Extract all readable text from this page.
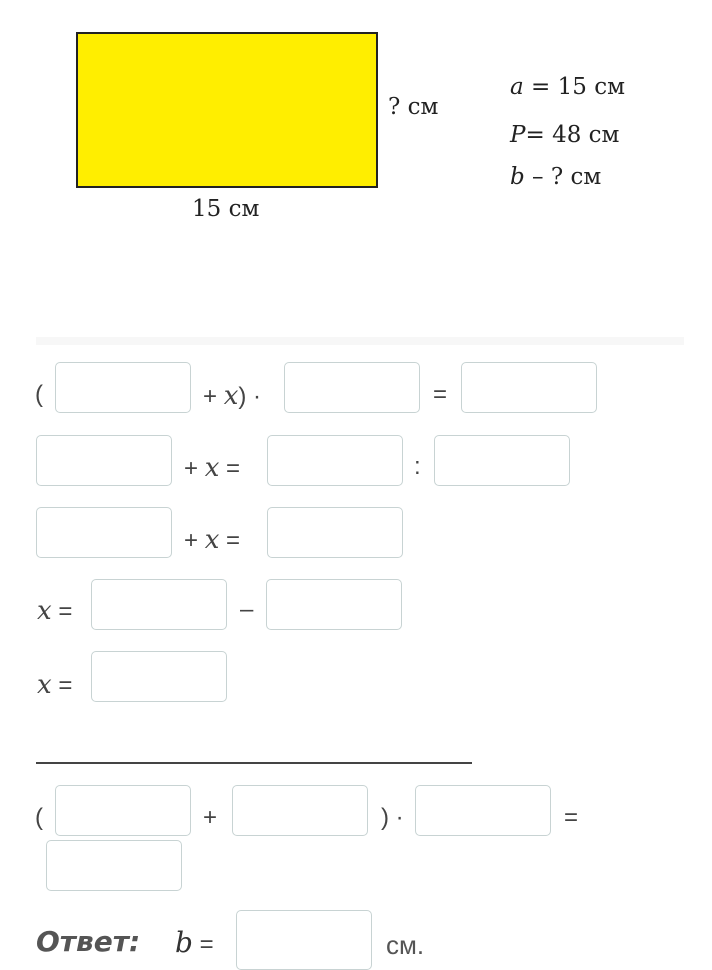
? см
15 см
a = 15 см
P= 48 см
b – ? см
(	+ x) ·	=
+ x =	:
+ x =
x =	–
x =
(	+	) ·	=
Ответ: b =	см.
